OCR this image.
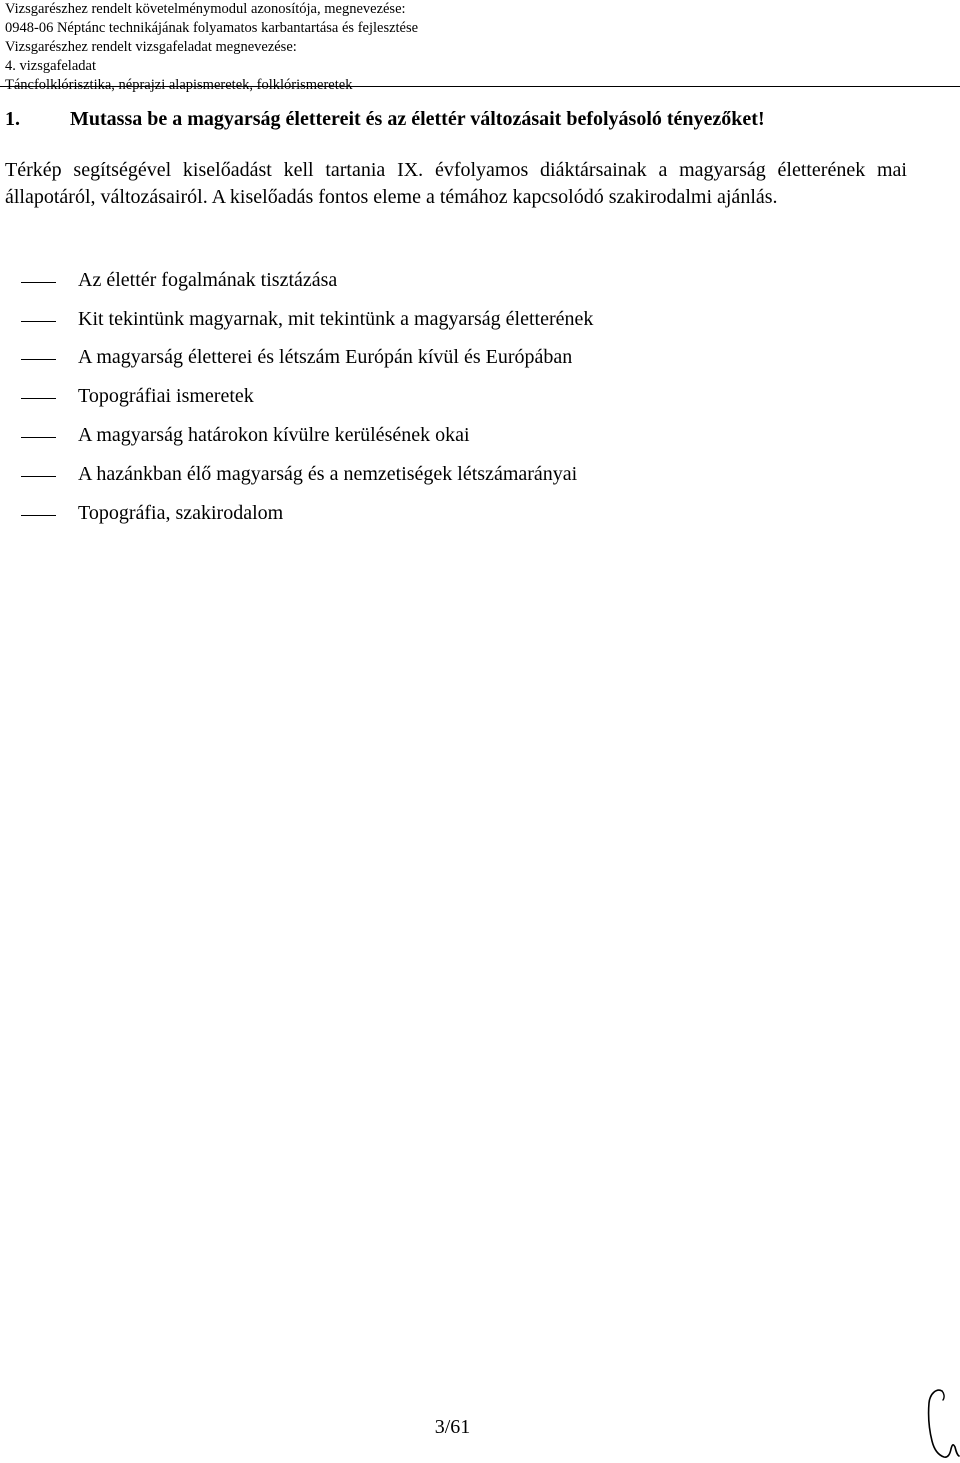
Vizsgarészhez rendelt követelménymodul azonosítója, megnevezése:
0948-06 Néptánc technikájának folyamatos karbantartása és fejlesztése
Vizsgarészhez rendelt vizsgafeladat megnevezése:
4. vizsgafeladat
Táncfolklórisztika, néprajzi alapismeretek, folklórismeretek
1.	Mutassa be a magyarság élettereit és az élettér változásait befolyásoló tényezőket!
Térkép segítségével kiselőadást kell tartania IX. évfolyamos diáktársainak a magyarság életterének mai állapotáról, változásairól. A kiselőadás fontos eleme a témához kapcsolódó szakirodalmi ajánlás.
Az élettér fogalmának tisztázása
Kit tekintünk magyarnak, mit tekintünk a magyarság életterének
A magyarság életterei és létszám Európán kívül és Európában
Topográfiai ismeretek
A magyarság határokon kívülre kerülésének okai
A hazánkban élő magyarság és a nemzetiségek létszámarányai
Topográfia, szakirodalom
3/61
